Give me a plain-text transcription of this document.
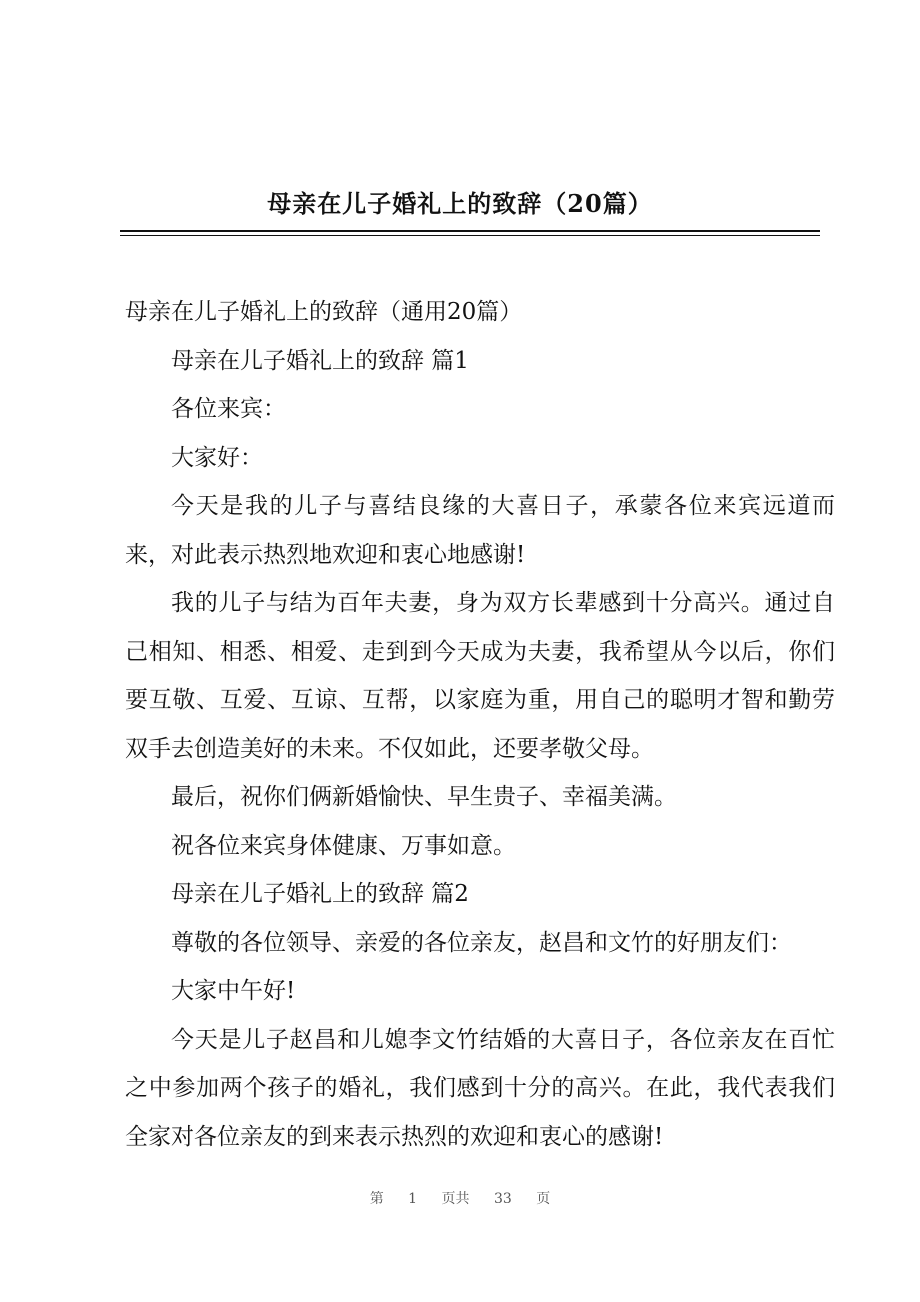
母亲在儿子婚礼上的致辞（20篇）

母亲在儿子婚礼上的致辞（通用20篇）

母亲在儿子婚礼上的致辞 篇1

各位来宾：

大家好：

今天是我的儿子与喜结良缘的大喜日子，承蒙各位来宾远道而来，对此表示热烈地欢迎和衷心地感谢!

我的儿子与结为百年夫妻，身为双方长辈感到十分高兴。通过自己相知、相悉、相爱、走到到今天成为夫妻，我希望从今以后，你们要互敬、互爱、互谅、互帮，以家庭为重，用自己的聪明才智和勤劳双手去创造美好的未来。不仅如此，还要孝敬父母。

最后，祝你们俩新婚愉快、早生贵子、幸福美满。

祝各位来宾身体健康、万事如意。

母亲在儿子婚礼上的致辞 篇2

尊敬的各位领导、亲爱的各位亲友，赵昌和文竹的好朋友们：

大家中午好!

今天是儿子赵昌和儿媳李文竹结婚的大喜日子，各位亲友在百忙之中参加两个孩子的婚礼，我们感到十分的高兴。在此，我代表我们全家对各位亲友的到来表示热烈的欢迎和衷心的感谢!

第 1 页共 33 页
